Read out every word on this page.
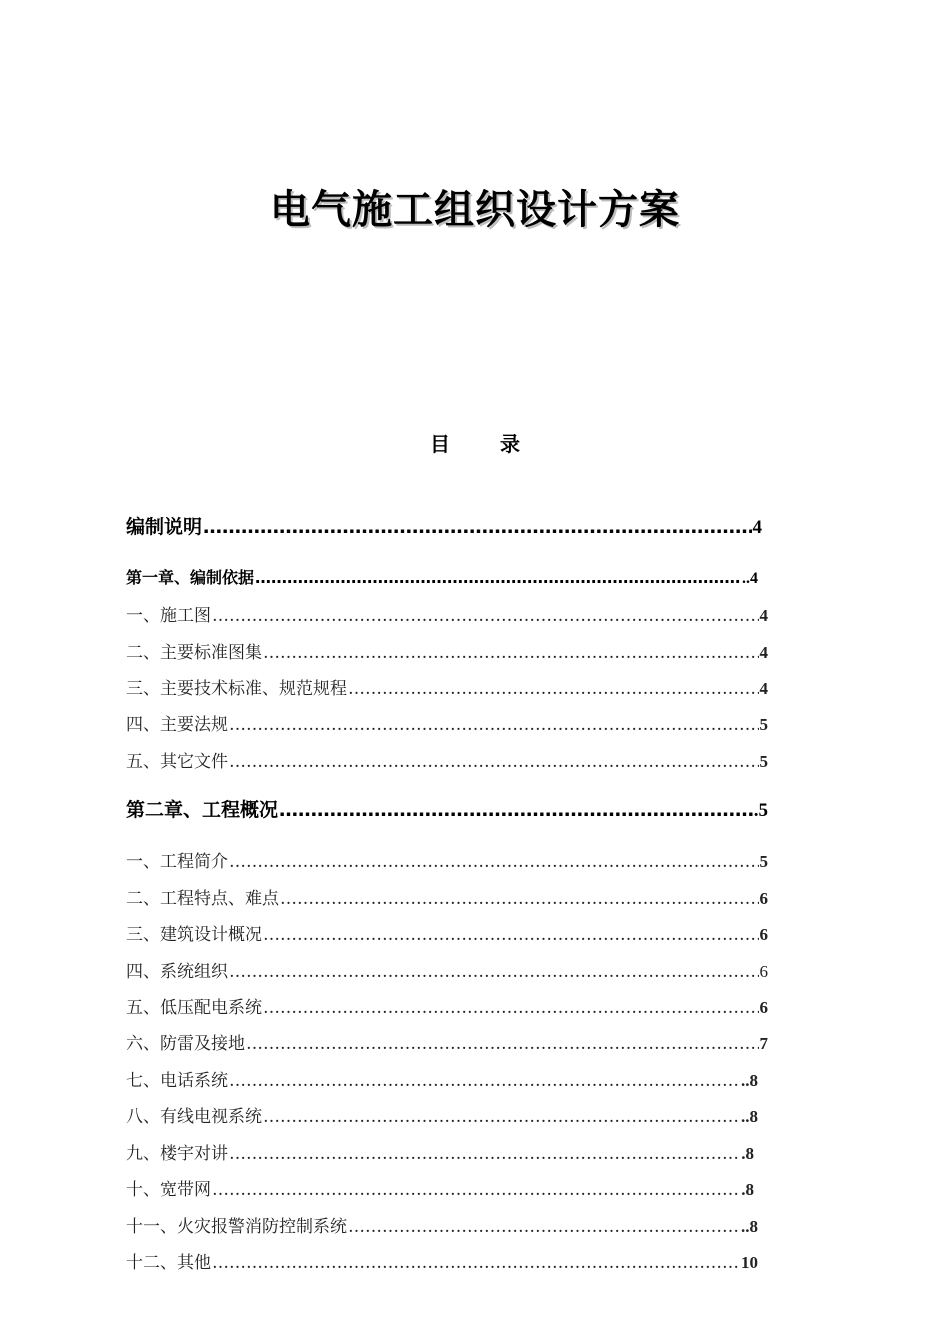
电气施工组织设计方案
目	录
编制说明 ……………………………………………………………………………………………………………………………………………………………………………………………………………………	4
第一章、编制依据 ……………………………………………………………………………………………………………………………………………………………………………………………………………………	..4
一、施工图 ……………………………………………………………………………………………………………………………………………………………………………………………………………………	4
二、主要标准图集 ……………………………………………………………………………………………………………………………………………………………………………………………………………………	4
三、主要技术标准、规范规程 ……………………………………………………………………………………………………………………………………………………………………………………………………………………	4
四、主要法规 ……………………………………………………………………………………………………………………………………………………………………………………………………………………	5
五、其它文件 ……………………………………………………………………………………………………………………………………………………………………………………………………………………	5
第二章、工程概况 ……………………………………………………………………………………………………………………………………………………………………………………………………………………	.5
一、工程简介 ……………………………………………………………………………………………………………………………………………………………………………………………………………………	5
二、工程特点、难点 ……………………………………………………………………………………………………………………………………………………………………………………………………………………	6
三、建筑设计概况 ……………………………………………………………………………………………………………………………………………………………………………………………………………………	6
四、系统组织 ……………………………………………………………………………………………………………………………………………………………………………………………………………………	6
五、低压配电系统 ……………………………………………………………………………………………………………………………………………………………………………………………………………………	6
六、防雷及接地 ……………………………………………………………………………………………………………………………………………………………………………………………………………………	7
七、电话系统 ……………………………………………………………………………………………………………………………………………………………………………………………………………………	..8
八、有线电视系统 ……………………………………………………………………………………………………………………………………………………………………………………………………………………	..8
九、楼宇对讲 ……………………………………………………………………………………………………………………………………………………………………………………………………………………	.8
十、宽带网 ……………………………………………………………………………………………………………………………………………………………………………………………………………………	.8
十一、火灾报警消防控制系统 ……………………………………………………………………………………………………………………………………………………………………………………………………………………	..8
十二、其他 ……………………………………………………………………………………………………………………………………………………………………………………………………………………	10
